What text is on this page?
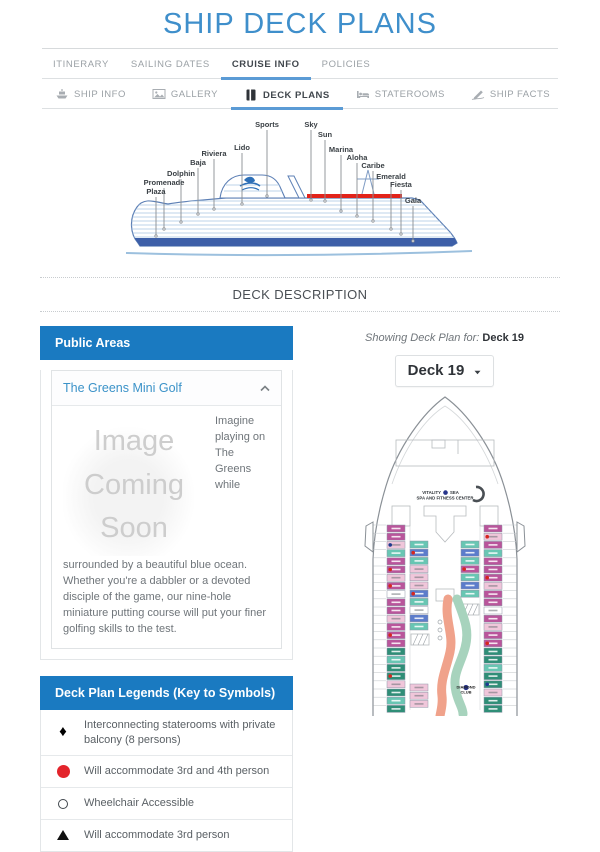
SHIP DECK PLANS
ITINERARY	SAILING DATES	CRUISE INFO	POLICIES
SHIP INFO	GALLERY	DECK PLANS	STATEROOMS	SHIP FACTS
Sports	Sky
Sun
Marina
Aloha
Caribe
Emerald
Fiesta
Gala
Lido
Riviera
Baja
Dolphin
Promenade
Plaza
DECK DESCRIPTION
Public Areas
The Greens Mini Golf
Image Coming Soon
Imagine playing on The Greens while surrounded by a beautiful blue ocean. Whether you're a dabbler or a devoted disciple of the game, our nine-hole miniature putting course will put your finer golfing skills to the test.
Deck Plan Legends (Key to Symbols)
♦ Interconnecting staterooms with private balcony (8 persons)
Will accommodate 3rd and 4th person
Wheelchair Accessible
Will accommodate 3rd person
Showing Deck Plan for: Deck 19
Deck 19
VITALITY SEA
SPA AND FITNESS CENTER
DIAMOND
CLUB
